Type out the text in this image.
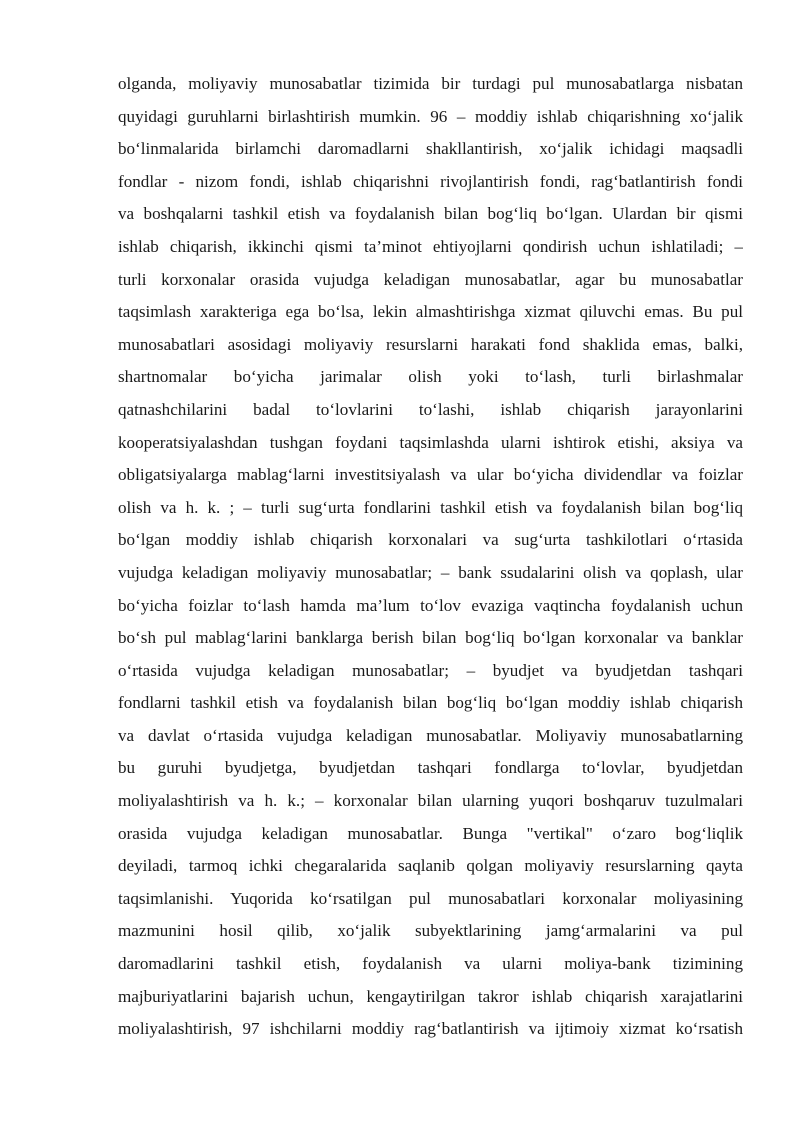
olganda, moliyaviy munosabatlar tizimida bir turdagi pul munosabatlarga nisbatan
quyidagi guruhlarni birlashtirish mumkin. 96 – moddiy ishlab chiqarishning xo‘jalik
bo‘linmalarida birlamchi daromadlarni shakllantirish, xo‘jalik ichidagi maqsadli
fondlar - nizom fondi, ishlab chiqarishni rivojlantirish fondi, rag‘batlantirish fondi
va boshqalarni tashkil etish va foydalanish bilan bog‘liq bo‘lgan. Ulardan bir qismi
ishlab chiqarish, ikkinchi qismi ta’minot ehtiyojlarni qondirish uchun ishlatiladi; –
turli korxonalar orasida vujudga keladigan munosabatlar, agar bu munosabatlar
taqsimlash xarakteriga ega bo‘lsa, lekin almashtirishga xizmat qiluvchi emas. Bu pul
munosabatlari asosidagi moliyaviy resurslarni harakati fond shaklida emas, balki,
shartnomalar bo‘yicha jarimalar olish yoki to‘lash, turli birlashmalar
qatnashchilarini badal to‘lovlarini to‘lashi, ishlab chiqarish jarayonlarini
kooperatsiyalashdan tushgan foydani taqsimlashda ularni ishtirok etishi, aksiya va
obligatsiyalarga mablag‘larni investitsiyalash va ular bo‘yicha dividendlar va foizlar
olish va h. k. ; – turli sug‘urta fondlarini tashkil etish va foydalanish bilan bog‘liq
bo‘lgan moddiy ishlab chiqarish korxonalari va sug‘urta tashkilotlari o‘rtasida
vujudga keladigan moliyaviy munosabatlar; – bank ssudalarini olish va qoplash, ular
bo‘yicha foizlar to‘lash hamda ma’lum to‘lov evaziga vaqtincha foydalanish uchun
bo‘sh pul mablag‘larini banklarga berish bilan bog‘liq bo‘lgan korxonalar va banklar
o‘rtasida vujudga keladigan munosabatlar; – byudjet va byudjetdan tashqari
fondlarni tashkil etish va foydalanish bilan bog‘liq bo‘lgan moddiy ishlab chiqarish
va davlat o‘rtasida vujudga keladigan munosabatlar. Moliyaviy munosabatlarning
bu guruhi byudjetga, byudjetdan tashqari fondlarga to‘lovlar, byudjetdan
moliyalashtirish va h. k.; – korxonalar bilan ularning yuqori boshqaruv tuzulmalari
orasida vujudga keladigan munosabatlar. Bunga "vertikal" o‘zaro bog‘liqlik
deyiladi, tarmoq ichki chegaralarida saqlanib qolgan moliyaviy resurslarning qayta
taqsimlanishi. Yuqorida ko‘rsatilgan pul munosabatlari korxonalar moliyasining
mazmunini hosil qilib, xo‘jalik subyektlarining jamg‘armalarini va pul
daromadlarini tashkil etish, foydalanish va ularni moliya-bank tizimining
majburiyatlarini bajarish uchun, kengaytirilgan takror ishlab chiqarish xarajatlarini
moliyalashtirish, 97 ishchilarni moddiy rag‘batlantirish va ijtimoiy xizmat ko‘rsatish
